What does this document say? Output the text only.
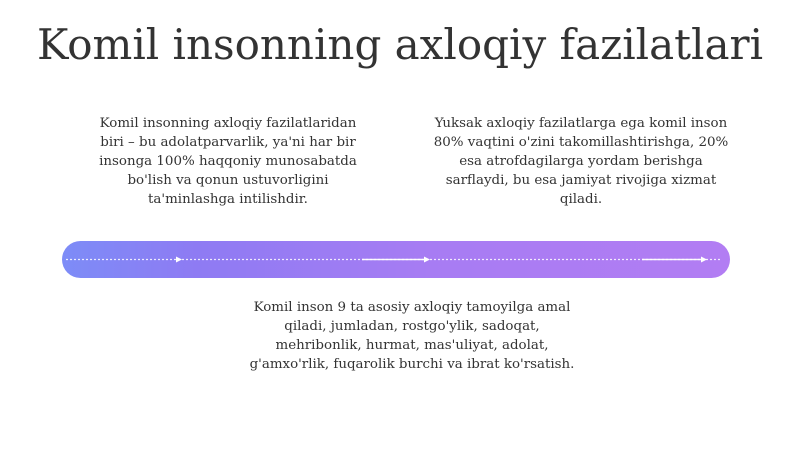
Komil insonning axloqiy fazilatlari
Komil insonning axloqiy fazilatlaridan
biri – bu adolatparvarlik, ya'ni har bir
insonga 100% haqqoniy munosabatda
bo'lish va qonun ustuvorligini
ta'minlashga intilishdir.
Yuksak axloqiy fazilatlarga ega komil inson
80% vaqtini o'zini takomillashtirishga, 20%
esa atrofdagilarga yordam berishga
sarflaydi, bu esa jamiyat rivojiga xizmat
qiladi.
Komil inson 9 ta asosiy axloqiy tamoyilga amal
qiladi, jumladan, rostgo'ylik, sadoqat,
mehribonlik, hurmat, mas'uliyat, adolat,
g'amxo'rlik, fuqarolik burchi va ibrat ko'rsatish.
